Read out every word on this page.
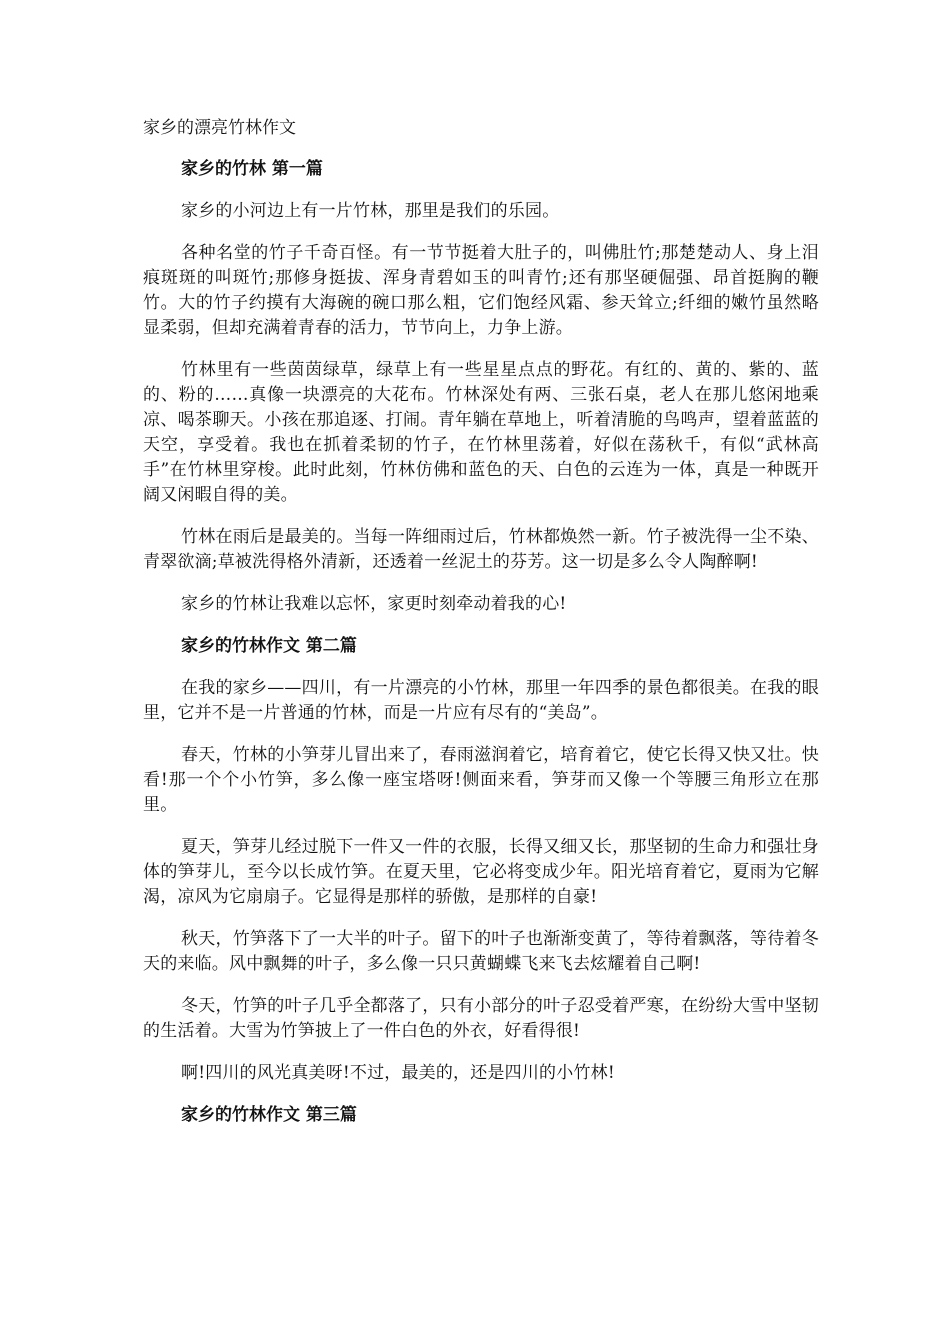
家乡的漂亮竹林作文
家乡的竹林 第一篇

家乡的小河边上有一片竹林，那里是我们的乐园。

各种名堂的竹子千奇百怪。有一节节挺着大肚子的，叫佛肚竹;那楚楚动人、身上泪痕斑斑的叫斑竹;那修身挺拔、浑身青碧如玉的叫青竹;还有那坚硬倔强、昂首挺胸的鞭竹。大的竹子约摸有大海碗的碗口那么粗，它们饱经风霜、参天耸立;纤细的嫩竹虽然略显柔弱，但却充满着青春的活力，节节向上，力争上游。

竹林里有一些茵茵绿草，绿草上有一些星星点点的野花。有红的、黄的、紫的、蓝的、粉的……真像一块漂亮的大花布。竹林深处有两、三张石桌，老人在那儿悠闲地乘凉、喝茶聊天。小孩在那追逐、打闹。青年躺在草地上，听着清脆的鸟鸣声，望着蓝蓝的天空，享受着。我也在抓着柔韧的竹子，在竹林里荡着，好似在荡秋千，有似“武林高手”在竹林里穿梭。此时此刻，竹林仿佛和蓝色的天、白色的云连为一体，真是一种既开阔又闲暇自得的美。

竹林在雨后是最美的。当每一阵细雨过后，竹林都焕然一新。竹子被洗得一尘不染、青翠欲滴;草被洗得格外清新，还透着一丝泥土的芬芳。这一切是多么令人陶醉啊!

家乡的竹林让我难以忘怀，家更时刻牵动着我的心!

家乡的竹林作文 第二篇

在我的家乡——四川，有一片漂亮的小竹林，那里一年四季的景色都很美。在我的眼里，它并不是一片普通的竹林，而是一片应有尽有的“美岛”。

春天，竹林的小笋芽儿冒出来了，春雨滋润着它，培育着它，使它长得又快又壮。快看!那一个个小竹笋，多么像一座宝塔呀!侧面来看，笋芽而又像一个等腰三角形立在那里。

夏天，笋芽儿经过脱下一件又一件的衣服，长得又细又长，那坚韧的生命力和强壮身体的笋芽儿，至今以长成竹笋。在夏天里，它必将变成少年。阳光培育着它，夏雨为它解渴，凉风为它扇扇子。它显得是那样的骄傲，是那样的自豪!

秋天，竹笋落下了一大半的叶子。留下的叶子也渐渐变黄了，等待着飘落，等待着冬天的来临。风中飘舞的叶子，多么像一只只黄蝴蝶飞来飞去炫耀着自己啊!

冬天，竹笋的叶子几乎全都落了，只有小部分的叶子忍受着严寒，在纷纷大雪中坚韧的生活着。大雪为竹笋披上了一件白色的外衣，好看得很!

啊!四川的风光真美呀!不过，最美的，还是四川的小竹林!

家乡的竹林作文 第三篇
